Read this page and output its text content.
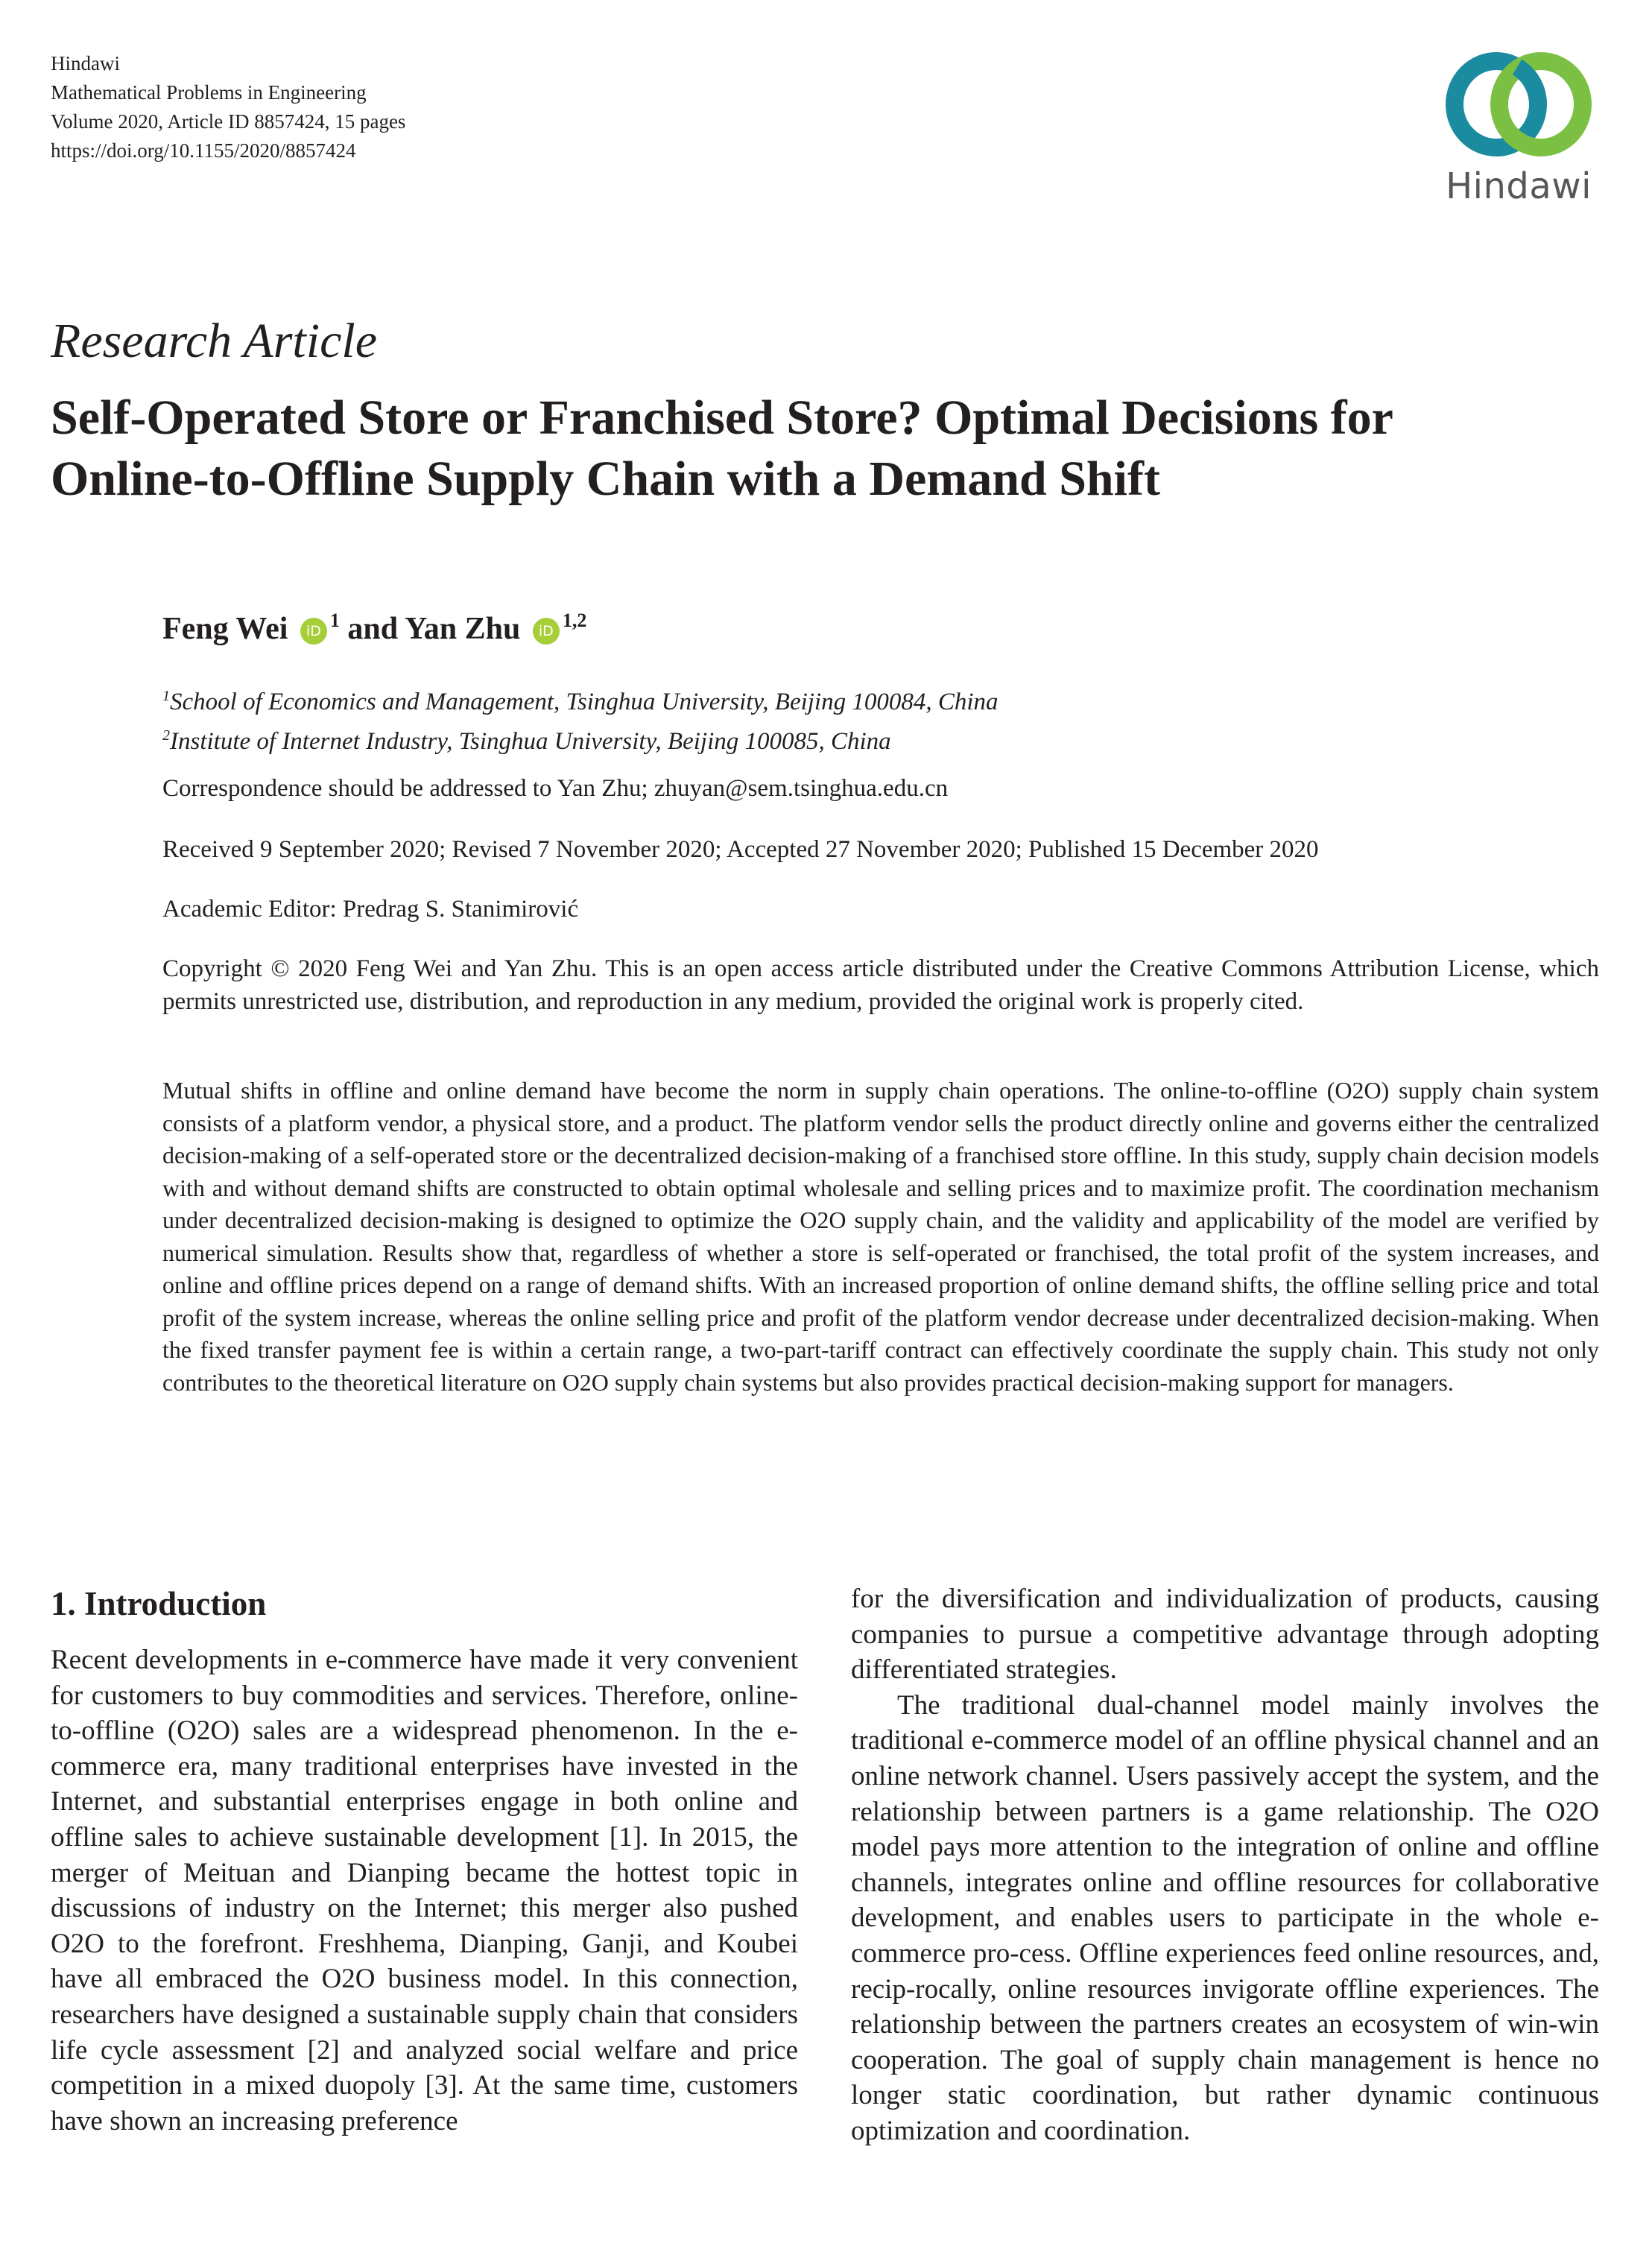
Hindawi
Mathematical Problems in Engineering
Volume 2020, Article ID 8857424, 15 pages
https://doi.org/10.1155/2020/8857424
Hindawi
Research Article
Self-Operated Store or Franchised Store? Optimal Decisions for
Online-to-Offline Supply Chain with a Demand Shift
Feng Wei $iD^1$ and Yan Zhu iD$^{1,2}$
$^1$School of Economics and Management, Tsinghua University, Beijing 100084, China
$^2$Institute of Internet Industry, Tsinghua University, Beijing 100085, China
Correspondence should be addressed to Yan Zhu; zhuyan@sem.tsinghua.edu.cn
Received 9 September 2020; Revised 7 November 2020; Accepted 27 November 2020; Published 15 December 2020
Academic Editor: Predrag S. Stanimirović
Copyright © 2020 Feng Wei and Yan Zhu. This is an open access article distributed under the Creative Commons Attribution License, which permits unrestricted use, distribution, and reproduction in any medium, provided the original work is properly cited.
Mutual shifts in offline and online demand have become the norm in supply chain operations. The online-to-offline (O2O) supply chain system consists of a platform vendor, a physical store, and a product. The platform vendor sells the product directly online and governs either the centralized decision-making of a self-operated store or the decentralized decision-making of a franchised store offline. In this study, supply chain decision models with and without demand shifts are constructed to obtain optimal wholesale and selling prices and to maximize profit. The coordination mechanism under decentralized decision-making is designed to optimize the O2O supply chain, and the validity and applicability of the model are verified by numerical simulation. Results show that, regardless of whether a store is self-operated or franchised, the total profit of the system increases, and online and offline prices depend on a range of demand shifts. With an increased proportion of online demand shifts, the offline selling price and total profit of the system increase, whereas the online selling price and profit of the platform vendor decrease under decentralized decision-making. When the fixed transfer payment fee is within a certain range, a two-part-tariff contract can effectively coordinate the supply chain. This study not only contributes to the theoretical literature on O2O supply chain systems but also provides practical decision-making support for managers.
1. Introduction

Recent developments in e-commerce have made it very convenient for customers to buy commodities and services. Therefore, online-to-offline (O2O) sales are a widespread phenomenon. In the e-commerce era, many traditional enterprises have invested in the Internet, and substantial enterprises engage in both online and offline sales to achieve sustainable development [1]. In 2015, the merger of Meituan and Dianping became the hottest topic in discussions of industry on the Internet; this merger also pushed O2O to the forefront. Freshhema, Dianping, Ganji, and Koubei have all embraced the O2O business model. In this connection, researchers have designed a sustainable supply chain that considers life cycle assessment [2] and analyzed social welfare and price competition in a mixed duopoly [3]. At the same time, customers have shown an increasing preference

for the diversification and individualization of products, causing companies to pursue a competitive advantage through adopting differentiated strategies.

The traditional dual-channel model mainly involves the traditional e-commerce model of an offline physical channel and an online network channel. Users passively accept the system, and the relationship between partners is a game relationship. The O2O model pays more attention to the integration of online and offline channels, integrates online and offline resources for collaborative development, and enables users to participate in the whole e-commerce pro-cess. Offline experiences feed online resources, and, recip-rocally, online resources invigorate offline experiences. The relationship between the partners creates an ecosystem of win-win cooperation. The goal of supply chain management is hence no longer static coordination, but rather dynamic continuous optimization and coordination.
